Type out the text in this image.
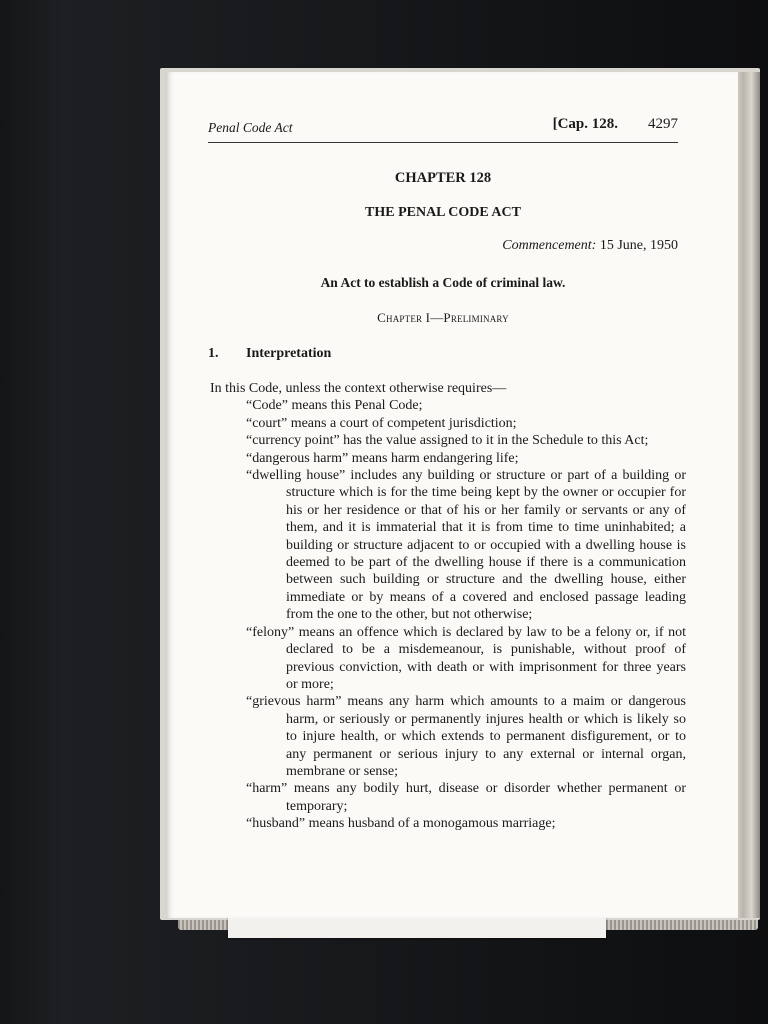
Penal Code Act	[Cap. 128. 4297
CHAPTER 128
THE PENAL CODE ACT
Commencement: 15 June, 1950
An Act to establish a Code of criminal law.
Chapter I—Preliminary
1. Interpretation

In this Code, unless the context otherwise requires—

“Code” means this Penal Code;

“court” means a court of competent jurisdiction;

“currency point” has the value assigned to it in the Schedule to this Act;

“dangerous harm” means harm endangering life;

“dwelling house” includes any building or structure or part of a building or structure which is for the time being kept by the owner or occupier for his or her residence or that of his or her family or servants or any of them, and it is immaterial that it is from time to time uninhabited; a building or structure adjacent to or occupied with a dwelling house is deemed to be part of the dwelling house if there is a communication between such building or structure and the dwelling house, either immediate or by means of a covered and enclosed passage leading from the one to the other, but not otherwise;

“felony” means an offence which is declared by law to be a felony or, if not declared to be a misdemeanour, is punishable, without proof of previous conviction, with death or with imprisonment for three years or more;

“grievous harm” means any harm which amounts to a maim or dangerous harm, or seriously or permanently injures health or which is likely so to injure health, or which extends to permanent disfigurement, or to any permanent or serious injury to any external or internal organ, membrane or sense;

“harm” means any bodily hurt, disease or disorder whether permanent or temporary;

“husband” means husband of a monogamous marriage;
